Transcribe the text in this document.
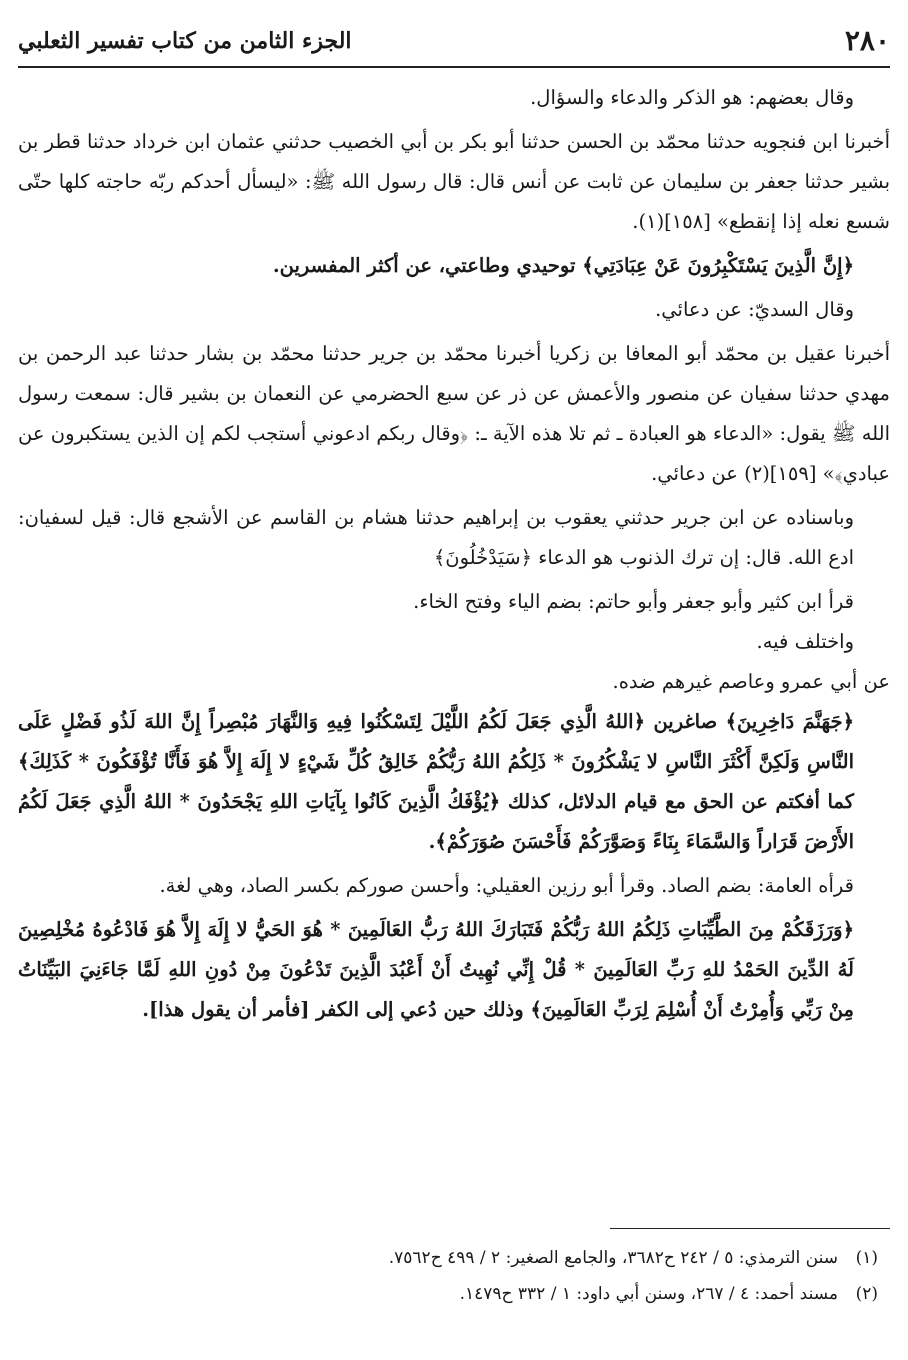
الجزء الثامن من كتاب تفسير الثعلبي	٢٨٠

وقال بعضهم: هو الذكر والدعاء والسؤال.

أخبرنا ابن فنجويه حدثنا محمّد بن الحسن حدثنا أبو بكر بن أبي الخصيب حدثني عثمان ابن خرداد حدثنا قطر بن بشير حدثنا جعفر بن سليمان عن ثابت عن أنس قال: قال رسول الله ﷺ: «ليسأل أحدكم ربّه حاجته كلها حتّى شسع نعله إذا إنقطع» [١٥٨](١).

﴿إِنَّ الَّذِينَ يَسْتَكْبِرُونَ عَنْ عِبَادَتِي﴾ توحيدي وطاعتي، عن أكثر المفسرين.

وقال السديّ: عن دعائي.

أخبرنا عقيل بن محمّد أبو المعافا بن زكريا أخبرنا محمّد بن جرير حدثنا محمّد بن بشار حدثنا عبد الرحمن بن مهدي حدثنا سفيان عن منصور والأعمش عن ذر عن سبع الحضرمي عن النعمان بن بشير قال: سمعت رسول الله ﷺ يقول: «الدعاء هو العبادة ـ ثم تلا هذه الآية ـ: ﴿وقال ربكم ادعوني أستجب لكم إن الذين يستكبرون عن عبادي﴾» [١٥٩](٢) عن دعائي.

وباسناده عن ابن جرير حدثني يعقوب بن إبراهيم حدثنا هشام بن القاسم عن الأشجع قال: قيل لسفيان: ادع الله. قال: إن ترك الذنوب هو الدعاء ﴿سَيَدْخُلُونَ﴾

قرأ ابن كثير وأبو جعفر وأبو حاتم: بضم الياء وفتح الخاء.

واختلف فيه.

عن أبي عمرو وعاصم غيرهم ضده.

﴿جَهَنَّمَ دَاخِرِينَ﴾ صاغرين ﴿اللهُ الَّذِي جَعَلَ لَكُمُ اللَّيْلَ لِتَسْكُنُوا فِيهِ وَالنَّهَارَ مُبْصِراً إِنَّ اللهَ لَذُو فَضْلٍ عَلَى النَّاسِ وَلَكِنَّ أَكْثَرَ النَّاسِ لا يَشْكُرُونَ * ذَلِكُمُ اللهُ رَبُّكُمْ خَالِقُ كُلِّ شَيْءٍ لا إِلَهَ إِلاَّ هُوَ فَأَنَّا تُؤْفَكُونَ * كَذَلِكَ﴾ كما أفكتم عن الحق مع قيام الدلائل، كذلك ﴿يُؤْفَكُ الَّذِينَ كَانُوا بِآيَاتِ اللهِ يَجْحَدُونَ * اللهُ الَّذِي جَعَلَ لَكُمُ الأَرْضَ قَرَاراً وَالسَّمَاءَ بِنَاءً وَصَوَّرَكُمْ فَأَحْسَنَ صُوَرَكُمْ﴾.

قرأه العامة: بضم الصاد. وقرأ أبو رزين العقيلي: وأحسن صوركم بكسر الصاد، وهي لغة.

﴿وَرَزَقَكُمْ مِنَ الطَّيِّبَاتِ ذَلِكُمُ اللهُ رَبُّكُمْ فَتَبَارَكَ اللهُ رَبُّ العَالَمِينَ * هُوَ الحَيُّ لا إِلَهَ إِلاَّ هُوَ فَادْعُوهُ مُخْلِصِينَ لَهُ الدِّينَ الحَمْدُ للهِ رَبِّ العَالَمِينَ * قُلْ إِنِّي نُهِيتُ أَنْ أَعْبُدَ الَّذِينَ تَدْعُونَ مِنْ دُونِ اللهِ لَمَّا جَاءَنِيَ البَيِّنَاتُ مِنْ رَبِّي وَأُمِرْتُ أَنْ أُسْلِمَ لِرَبِّ العَالَمِينَ﴾ وذلك حين دُعي إلى الكفر [فأمر أن يقول هذا].

(١)
سنن الترمذي: ٥ / ٢٤٢ ح٣٦٨٢، والجامع الصغير: ٢ / ٤٩٩ ح٧٥٦٢.
(٢)
مسند أحمد: ٤ / ٢٦٧، وسنن أبي داود: ١ / ٣٣٢ ح١٤٧٩.
